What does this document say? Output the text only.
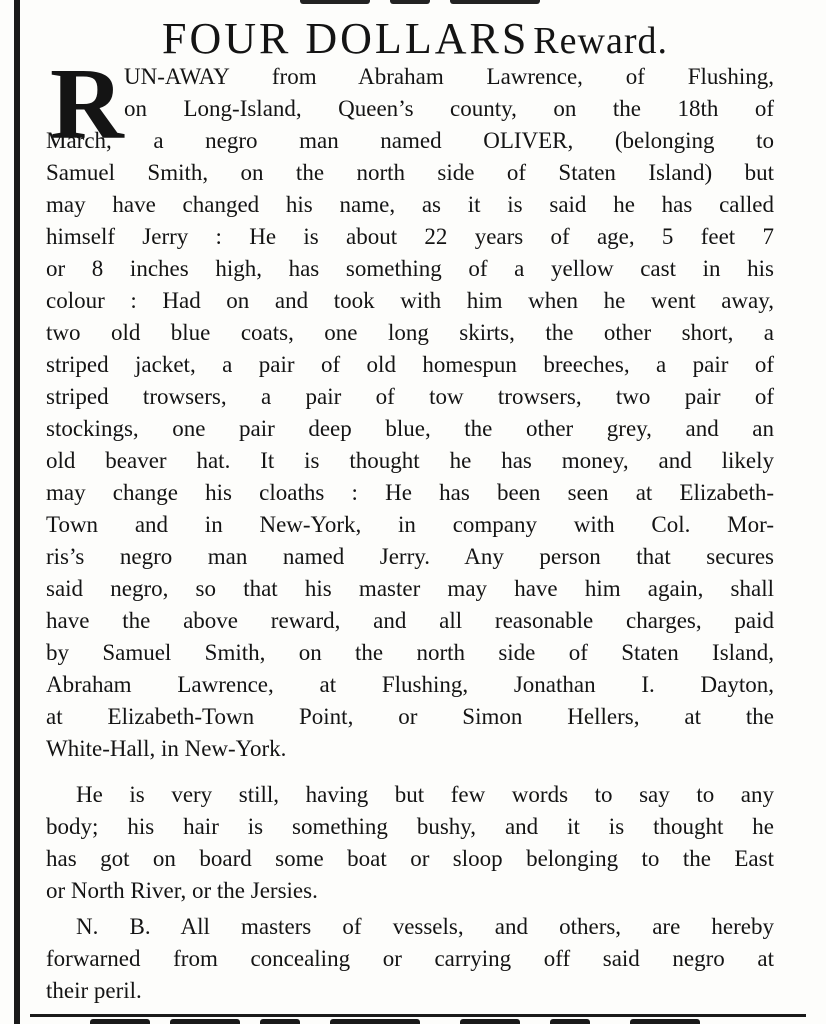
FOUR DOLLARS Reward.
R UN-AWAY from Abraham Lawrence, of Flushing,
on Long-Island, Queen’s county, on the 18th of
March, a negro man named OLIVER, (belonging to
Samuel Smith, on the north side of Staten Island) but
may have changed his name, as it is said he has called
himself Jerry : He is about 22 years of age, 5 feet 7
or 8 inches high, has something of a yellow cast in his
colour : Had on and took with him when he went away,
two old blue coats, one long skirts, the other short, a
striped jacket, a pair of old homespun breeches, a pair of
striped trowsers, a pair of tow trowsers, two pair of
stockings, one pair deep blue, the other grey, and an
old beaver hat. It is thought he has money, and likely
may change his cloaths : He has been seen at Elizabeth-
Town and in New-York, in company with Col. Mor-
ris’s negro man named Jerry. Any person that secures
said negro, so that his master may have him again, shall
have the above reward, and all reasonable charges, paid
by Samuel Smith, on the north side of Staten Island,
Abraham Lawrence, at Flushing, Jonathan I. Dayton,
at Elizabeth-Town Point, or Simon Hellers, at the
White-Hall, in New-York.
He is very still, having but few words to say to any
body; his hair is something bushy, and it is thought he
has got on board some boat or sloop belonging to the East
or North River, or the Jersies.
N. B. All masters of vessels, and others, are hereby
forwarned from concealing or carrying off said negro at
their peril.
